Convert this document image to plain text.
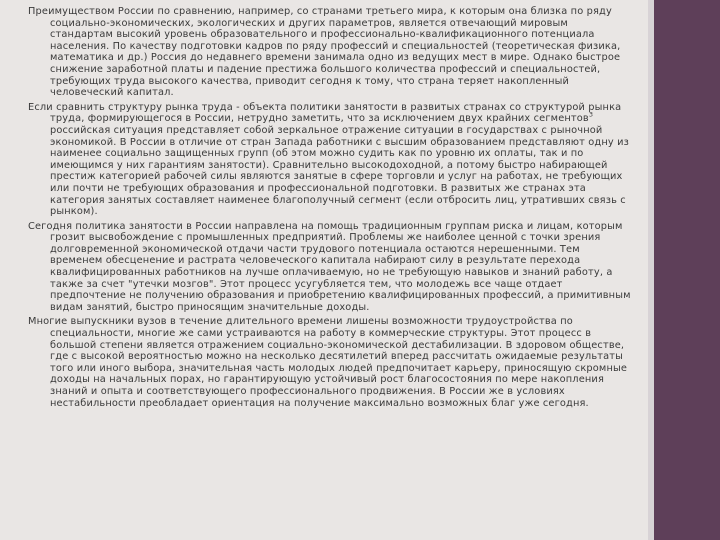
Преимуществом России по сравнению, например, со странами третьего мира, к которым она близка по ряду социально-экономических, экологических и других параметров, является отвечающий мировым стандартам высокий уровень образовательного и профессионально-квалификационного потенциала населения. По качеству подготовки кадров по ряду профессий и специальностей (теоретическая физика, математика и др.) Россия до недавнего времени занимала одно из ведущих мест в мире. Однако быстрое снижение заработной платы и падение престижа большого количества профессий и специальностей, требующих труда высокого качества, приводит сегодня к тому, что страна теряет накопленный человеческий капитал.

Если сравнить структуру рынка труда - объекта политики занятости в развитых странах со структурой рынка труда, формирующегося в России, нетрудно заметить, что за исключением двух крайних сегментов$^3$ российская ситуация представляет собой зеркальное отражение ситуации в государствах с рыночной экономикой. В России в отличие от стран Запада работники с высшим образованием представляют одну из наименее социально защищенных групп (об этом можно судить как по уровню их оплаты, так и по имеющимся у них гарантиям занятости). Сравнительно высокодоходной, а потому быстро набирающей престиж категорией рабочей силы являются занятые в сфере торговли и услуг на работах, не требующих или почти не требующих образования и профессиональной подготовки. В развитых же странах эта категория занятых составляет наименее благополучный сегмент (если отбросить лиц, утративших связь с рынком).

Сегодня политика занятости в России направлена на помощь традиционным группам риска и лицам, которым грозит высвобождение с промышленных предприятий. Проблемы же наиболее ценной с точки зрения долговременной экономической отдачи части трудового потенциала остаются нерешенными. Тем временем обесценение и растрата человеческого капитала набирают силу в результате перехода квалифицированных работников на лучше оплачиваемую, но не требующую навыков и знаний работу, а также за счет "утечки мозгов". Этот процесс усугубляется тем, что молодежь все чаще отдает предпочтение не получению образования и приобретению квалифицированных профессий, а примитивным видам занятий, быстро приносящим значительные доходы.

Многие выпускники вузов в течение длительного времени лишены возможности трудоустройства по специальности, многие же сами устраиваются на работу в коммерческие структуры. Этот процесс в большой степени является отражением социально-экономической дестабилизации. В здоровом обществе, где с высокой вероятностью можно на несколько десятилетий вперед рассчитать ожидаемые результаты того или иного выбора, значительная часть молодых людей предпочитает карьеру, приносящую скромные доходы на начальных порах, но гарантирующую устойчивый рост благосостояния по мере накопления знаний и опыта и соответствующего профессионального продвижения. В России же в условиях нестабильности преобладает ориентация на получение максимально возможных благ уже сегодня.
